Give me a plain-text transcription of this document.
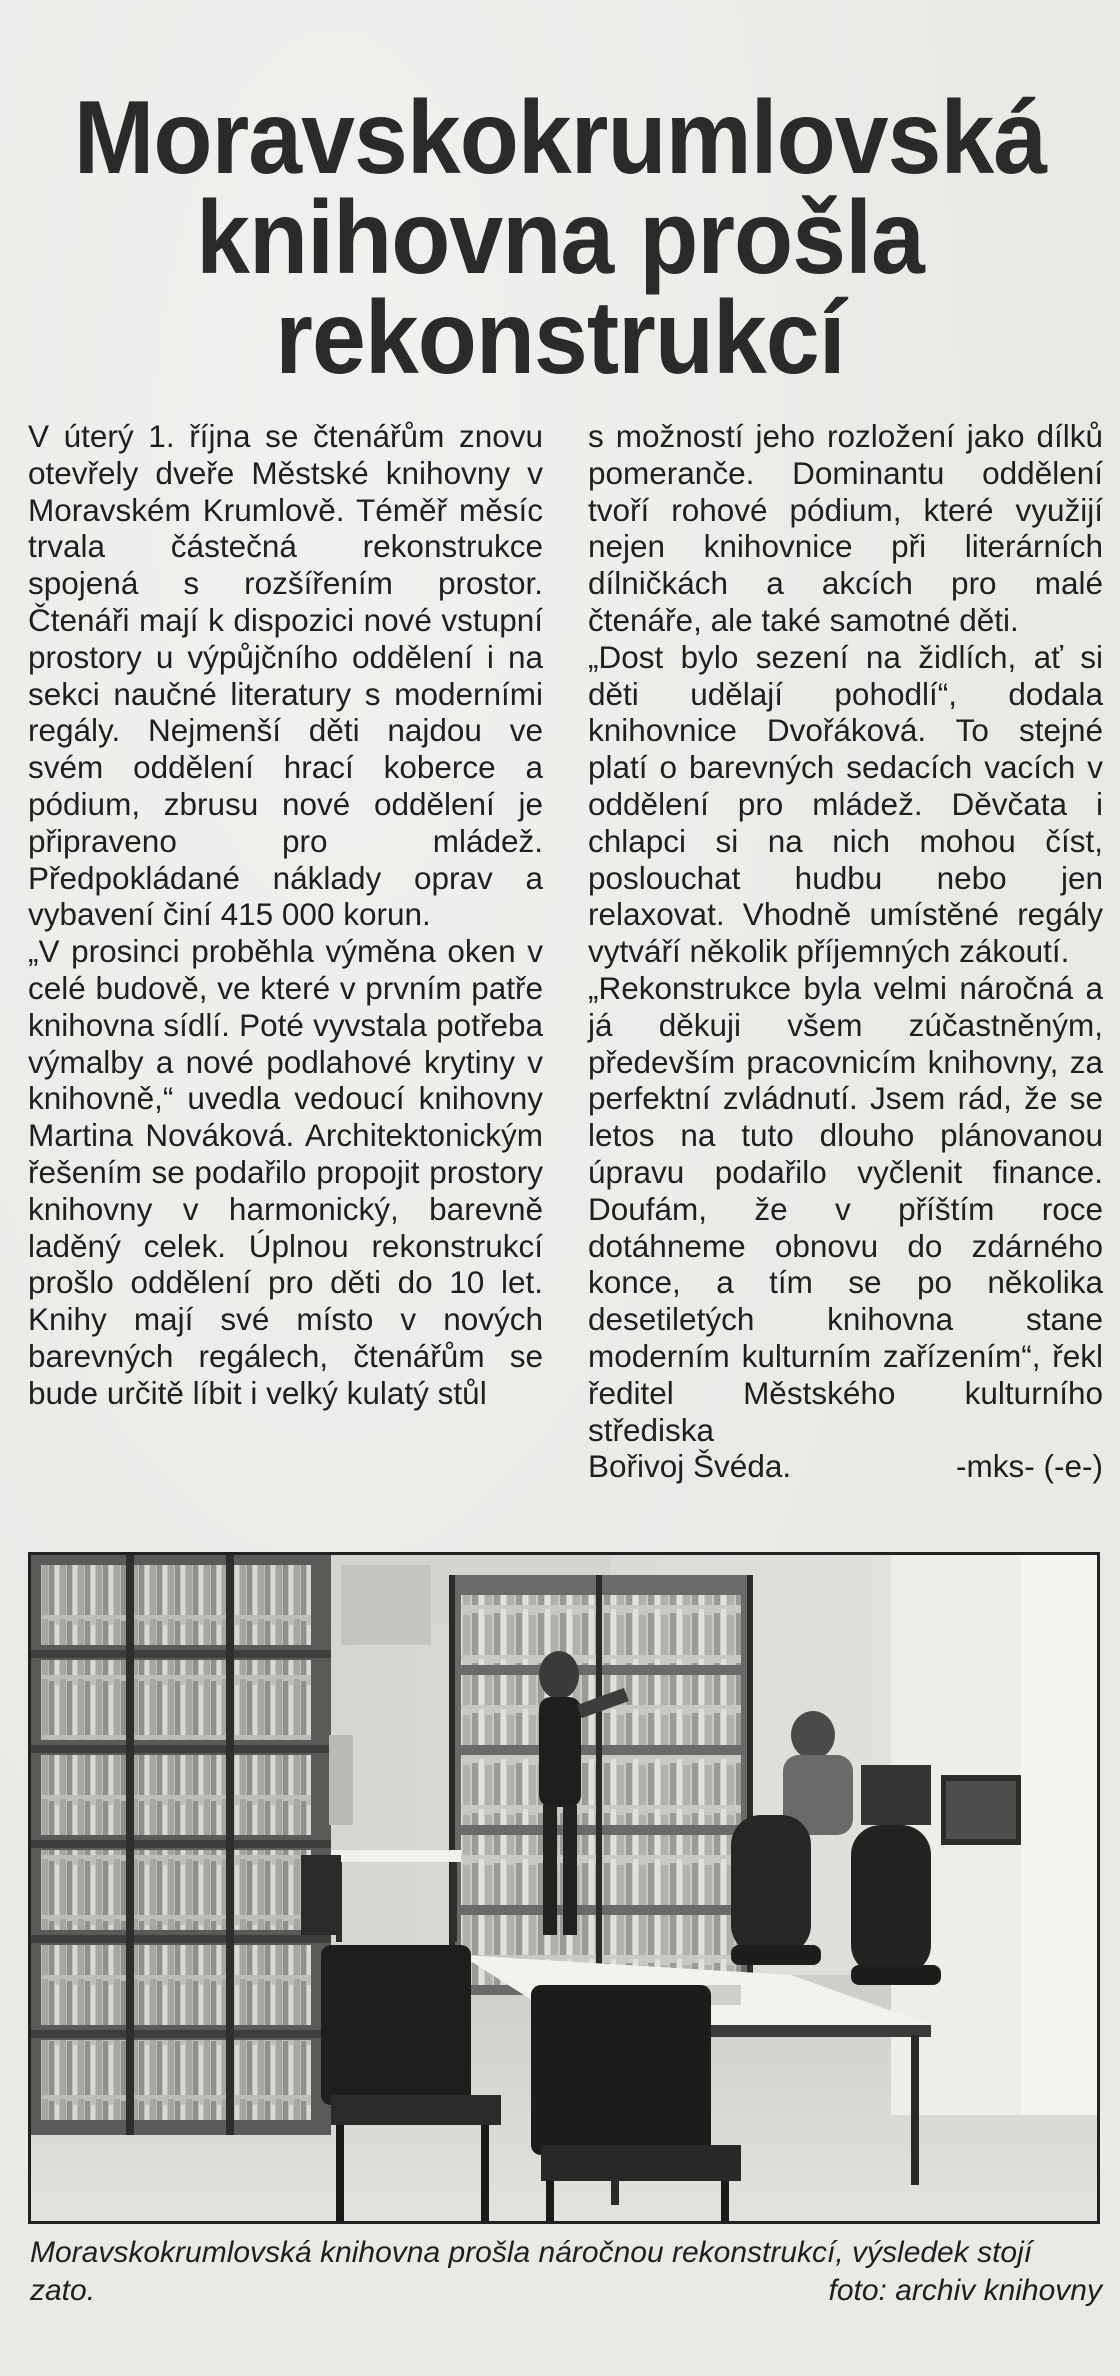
Moravskokrumlovská
knihovna prošla
rekonstrukcí

V úterý 1. října se čtenářům znovu otevřely dveře Městské knihovny v Moravském Krumlově. Téměř měsíc trvala částečná rekonstrukce spojená s rozšířením prostor. Čtenáři mají k dispozici nové vstupní prostory u výpůjčního oddělení i na sekci naučné literatury s moderními regály. Nejmenší děti najdou ve svém oddělení hrací koberce a pódium, zbrusu nové oddělení je připraveno pro mládež. Předpokládané náklady oprav a vybavení činí 415 000 korun.

„V prosinci proběhla výměna oken v celé budově, ve které v prvním patře knihovna sídlí. Poté vyvstala potřeba výmalby a nové podlahové krytiny v knihovně,“ uvedla vedoucí knihovny Martina Nováková. Architektonickým řešením se podařilo propojit prostory knihovny v harmonický, barevně laděný celek. Úplnou rekonstrukcí prošlo oddělení pro děti do 10 let. Knihy mají své místo v nových barevných regálech, čtenářům se bude určitě líbit i velký kulatý stůl

s možností jeho rozložení jako dílků pomeranče. Dominantu oddělení tvoří rohové pódium, které využijí nejen knihovnice při literárních dílničkách a akcích pro malé čtenáře, ale také samotné děti.

„Dost bylo sezení na židlích, ať si děti udělají pohodlí“, dodala knihovnice Dvořáková. To stejné platí o barevných sedacích vacích v oddělení pro mládež. Děvčata i chlapci si na nich mohou číst, poslouchat hudbu nebo jen relaxovat. Vhodně umístěné regály vytváří několik příjemných zákoutí.

„Rekonstrukce byla velmi náročná a já děkuji všem zúčastněným, především pracovnicím knihovny, za perfektní zvládnutí. Jsem rád, že se letos na tuto dlouho plánovanou úpravu podařilo vyčlenit finance. Doufám, že v příštím roce dotáhneme obnovu do zdárného konce, a tím se po několika desetiletých knihovna stane moderním kulturním zařízením“, řekl ředitel Městského kulturního střediska

Bořivoj Švéda.	-mks- (-e-)
Moravskokrumlovská knihovna prošla náročnou rekonstrukcí, výsledek stojí zato.	foto: archiv knihovny
